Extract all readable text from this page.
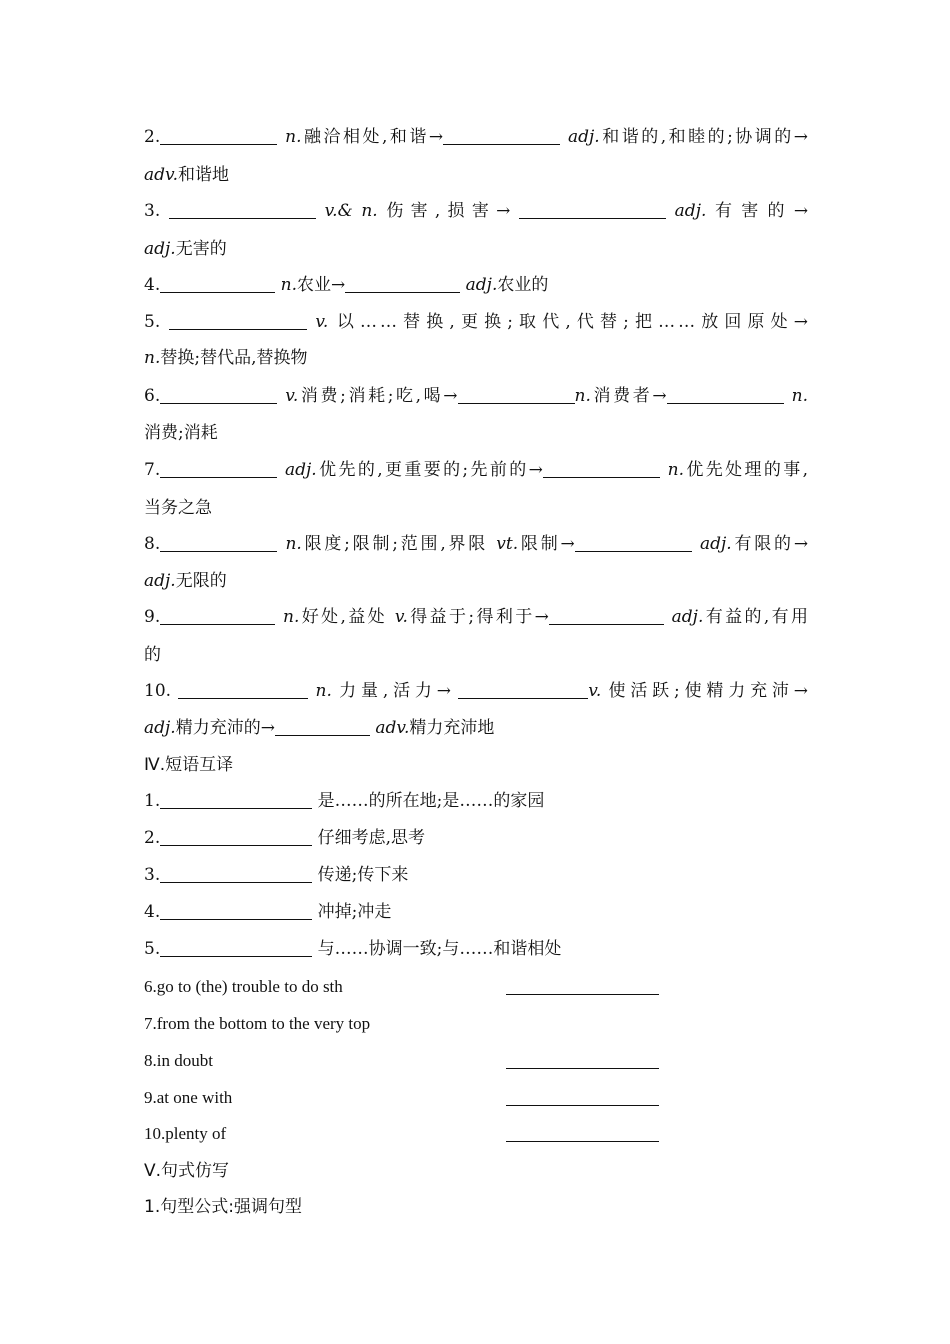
2.	n.融洽相处,和谐→	adj.和谐的,和睦的;协调的→
adv.和谐地
3.	v.& n. 伤害,损害→	adj. 有害的→
adj.无害的
4.	n.农业→	adj.农业的
5.	v. 以……替换,更换;取代,代替;把……放回原处→
n.替换;替代品,替换物
6.	v.消费;消耗;吃,喝→	n.消费者→	n.
消费;消耗
7.	adj.优先的,更重要的;先前的→	n.优先处理的事,
当务之急
8.	n.限度;限制;范围,界限 vt.限制→	adj.有限的→
adj.无限的
9.	n.好处,益处 v.得益于;得利于→	adj.有益的,有用
的
10.	n. 力量,活力→	v. 使活跃;使精力充沛→
adj.精力充沛的→	adv.精力充沛地
Ⅳ.短语互译
1.	是……的所在地;是……的家园
2.	仔细考虑,思考
3.	传递;传下来
4.	冲掉;冲走
5.	与……协调一致;与……和谐相处
6.go to (the) trouble to do sth
7.from the bottom to the very top
8.in doubt
9.at one with
10.plenty of
Ⅴ.句式仿写
1.句型公式:强调句型
